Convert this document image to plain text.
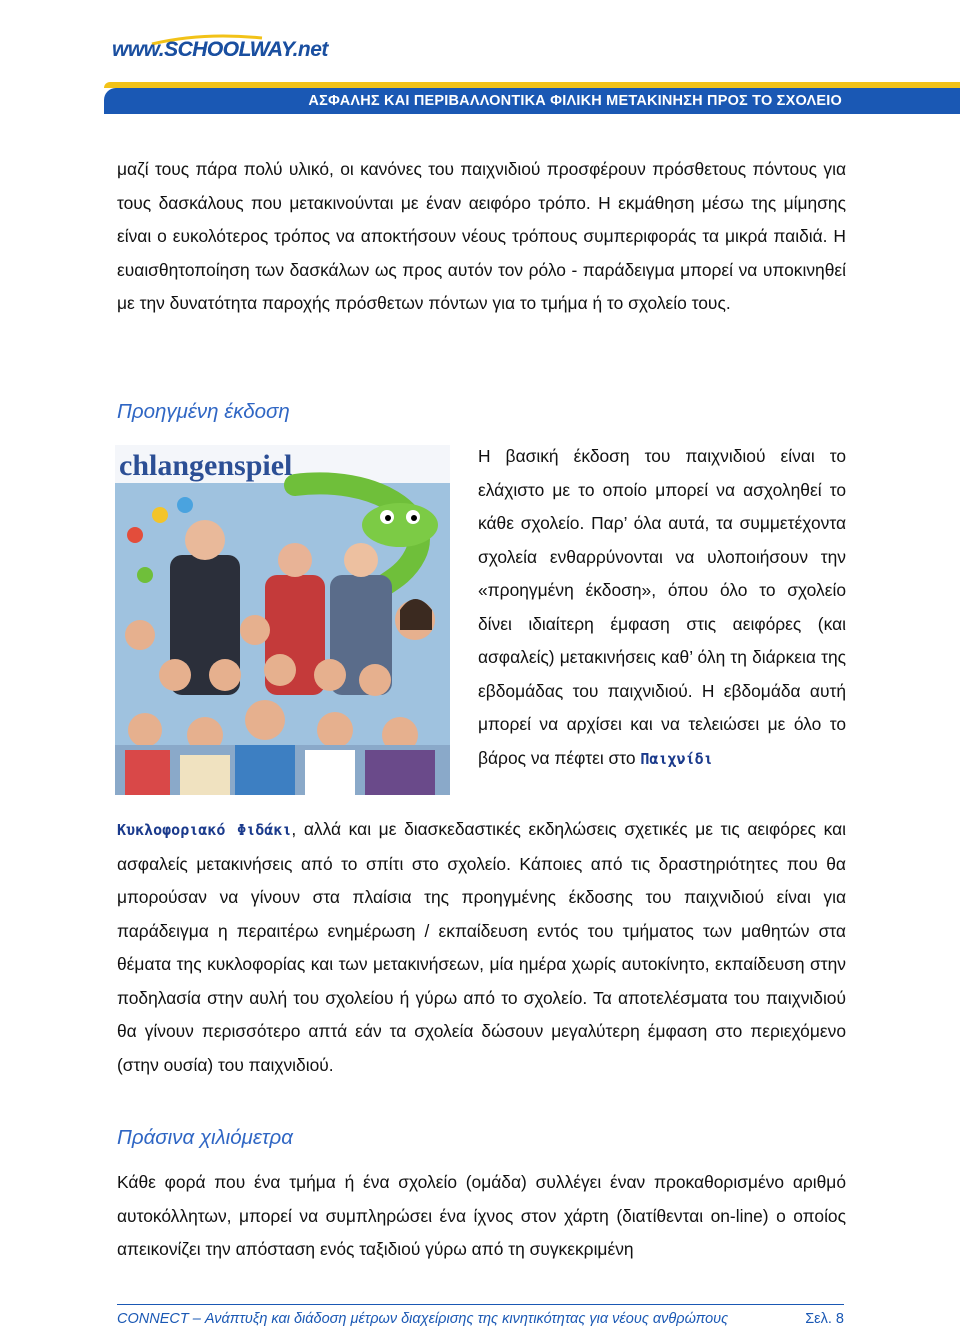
www.SCHOOLWAY.net
ΑΣΦΑΛΗΣ ΚΑΙ ΠΕΡΙΒΑΛΛΟΝΤΙΚΑ ΦΙΛΙΚΗ ΜΕΤΑΚΙΝΗΣΗ ΠΡΟΣ ΤΟ ΣΧΟΛΕΙΟ

μαζί τους πάρα πολύ υλικό, οι κανόνες του παιχνιδιού προσφέρουν πρόσθετους πόντους για τους δασκάλους που μετακινούνται με έναν αειφόρο τρόπο. Η εκμάθηση μέσω της μίμησης είναι ο ευκολότερος τρόπος να αποκτήσουν νέους τρόπους συμπεριφοράς τα μικρά παιδιά. Η ευαισθητοποίηση των δασκάλων ως προς αυτόν τον ρόλο - παράδειγμα μπορεί να υποκινηθεί με την δυνατότητα παροχής πρόσθετων πόντων για το τμήμα ή το σχολείο τους.

Προηγμένη έκδοση
chlangenspiel	Η βασική έκδοση του παιχνιδιού είναι το ελάχιστο με το οποίο μπορεί να ασχοληθεί το κάθε σχολείο. Παρ’ όλα αυτά, τα συμμετέχοντα σχολεία ενθαρρύνονται να υλοποιήσουν την «προηγμένη έκδοση», όπου όλο το σχολείο δίνει ιδιαίτερη έμφαση στις αειφόρες (και ασφαλείς) μετακινήσεις καθ’ όλη τη διάρκεια της εβδομάδας του παιχνιδιού. Η εβδομάδα αυτή μπορεί να αρχίσει και να τελειώσει με όλο το βάρος να πέφτει στο Παιχνίδι

Κυκλοφοριακό Φιδάκι, αλλά και με διασκεδαστικές εκδηλώσεις σχετικές με τις αειφόρες και ασφαλείς μετακινήσεις από το σπίτι στο σχολείο. Κάποιες από τις δραστηριότητες που θα μπορούσαν να γίνουν στα πλαίσια της προηγμένης έκδοσης του παιχνιδιού είναι για παράδειγμα η περαιτέρω ενημέρωση / εκπαίδευση εντός του τμήματος των μαθητών στα θέματα της κυκλοφορίας και των μετακινήσεων, μία ημέρα χωρίς αυτοκίνητο, εκπαίδευση στην ποδηλασία στην αυλή του σχολείου ή γύρω από το σχολείο. Τα αποτελέσματα του παιχνιδιού θα γίνουν περισσότερο απτά εάν τα σχολεία δώσουν μεγαλύτερη έμφαση στο περιεχόμενο (στην ουσία) του παιχνιδιού.

Πράσινα χιλιόμετρα

Κάθε φορά που ένα τμήμα ή ένα σχολείο (ομάδα) συλλέγει έναν προκαθορισμένο αριθμό αυτοκόλλητων, μπορεί να συμπληρώσει ένα ίχνος στον χάρτη (διατίθενται on-line) ο οποίος απεικονίζει την απόσταση ενός ταξιδιού γύρω από τη συγκεκριμένη

CONNECT – Ανάπτυξη και διάδοση μέτρων διαχείρισης της κινητικότητας για νέους ανθρώπους	Σελ. 8
